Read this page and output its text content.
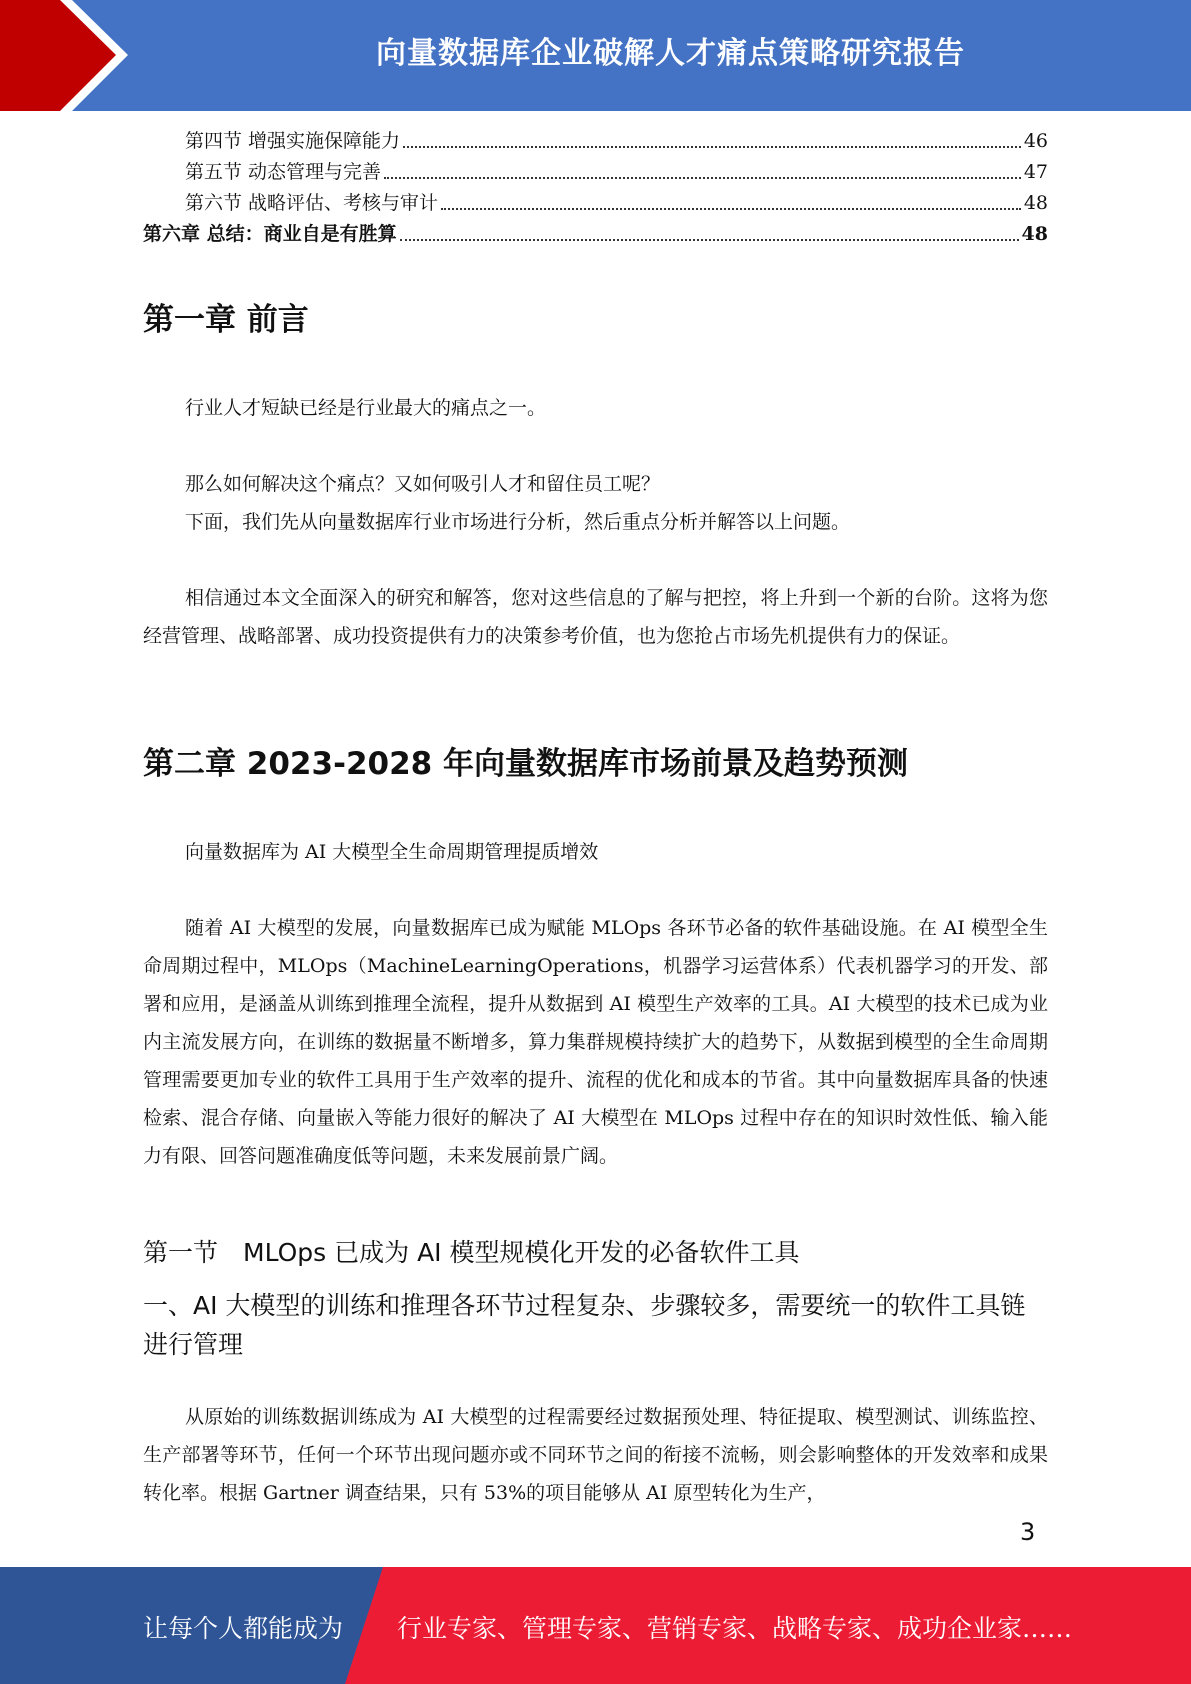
向量数据库企业破解人才痛点策略研究报告
第四节 增强实施保障能力	46
第五节 动态管理与完善	47
第六节 战略评估、考核与审计	48
第六章 总结：商业自是有胜算	48
第一章 前言

行业人才短缺已经是行业最大的痛点之一。

那么如何解决这个痛点？又如何吸引人才和留住员工呢？

下面，我们先从向量数据库行业市场进行分析，然后重点分析并解答以上问题。

相信通过本文全面深入的研究和解答，您对这些信息的了解与把控，将上升到一个新的台阶。这将为您经营管理、战略部署、成功投资提供有力的决策参考价值，也为您抢占市场先机提供有力的保证。

第二章 2023-2028 年向量数据库市场前景及趋势预测

向量数据库为 AI 大模型全生命周期管理提质增效

随着 AI 大模型的发展，向量数据库已成为赋能 MLOps 各环节必备的软件基础设施。在 AI 模型全生命周期过程中，MLOps（MachineLearningOperations，机器学习运营体系）代表机器学习的开发、部署和应用，是涵盖从训练到推理全流程，提升从数据到 AI 模型生产效率的工具。AI 大模型的技术已成为业内主流发展方向，在训练的数据量不断增多，算力集群规模持续扩大的趋势下，从数据到模型的全生命周期管理需要更加专业的软件工具用于生产效率的提升、流程的优化和成本的节省。其中向量数据库具备的快速检索、混合存储、向量嵌入等能力很好的解决了 AI 大模型在 MLOps 过程中存在的知识时效性低、输入能力有限、回答问题准确度低等问题，未来发展前景广阔。

第一节　MLOps 已成为 AI 模型规模化开发的必备软件工具
一、AI 大模型的训练和推理各环节过程复杂、步骤较多，需要统一的软件工具链进行管理

从原始的训练数据训练成为 AI 大模型的过程需要经过数据预处理、特征提取、模型测试、训练监控、生产部署等环节，任何一个环节出现问题亦或不同环节之间的衔接不流畅，则会影响整体的开发效率和成果转化率。根据 Gartner 调查结果，只有 53%的项目能够从 AI 原型转化为生产，

3
让每个人都能成为 行业专家、管理专家、营销专家、战略专家、成功企业家……
